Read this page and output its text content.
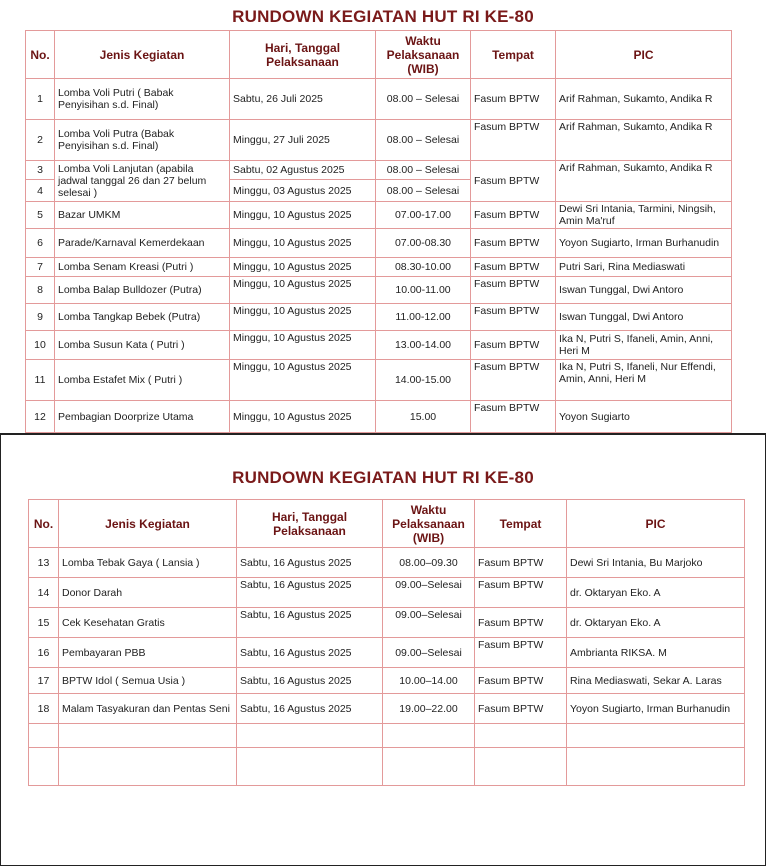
RUNDOWN KEGIATAN HUT RI KE-80
No.	Jenis Kegiatan	Hari, Tanggal Pelaksanaan	Waktu Pelaksanaan (WIB)	Tempat	PIC
1	Lomba Voli Putri ( Babak Penyisihan s.d. Final)	Sabtu, 26 Juli 2025	08.00 – Selesai	Fasum BPTW	Arif Rahman, Sukamto, Andika R
2	Lomba Voli Putra (Babak Penyisihan s.d. Final)	Minggu, 27 Juli 2025	08.00 – Selesai	Fasum BPTW	Arif Rahman, Sukamto, Andika R
3	Lomba Voli Lanjutan (apabila jadwal tanggal 26 dan 27 belum selesai )	Sabtu, 02 Agustus 2025	08.00 – Selesai	Fasum BPTW	Arif Rahman, Sukamto, Andika R
4		Minggu, 03 Agustus 2025	08.00 – Selesai		
5	Bazar UMKM	Minggu, 10 Agustus 2025	07.00-17.00	Fasum BPTW	Dewi Sri Intania, Tarmini, Ningsih, Amin Ma'ruf
6	Parade/Karnaval Kemerdekaan	Minggu, 10 Agustus 2025	07.00-08.30	Fasum BPTW	Yoyon Sugiarto, Irman Burhanudin
7	Lomba Senam Kreasi (Putri )	Minggu, 10 Agustus 2025	08.30-10.00	Fasum BPTW	Putri Sari, Rina Mediaswati
8	Lomba Balap Bulldozer (Putra)	Minggu, 10 Agustus 2025	10.00-11.00	Fasum BPTW	Iswan Tunggal, Dwi Antoro
9	Lomba Tangkap Bebek (Putra)	Minggu, 10 Agustus 2025	11.00-12.00	Fasum BPTW	Iswan Tunggal, Dwi Antoro
10	Lomba Susun Kata ( Putri )	Minggu, 10 Agustus 2025	13.00-14.00	Fasum BPTW	Ika N, Putri S, Ifaneli, Amin, Anni, Heri M
11	Lomba Estafet Mix ( Putri )	Minggu, 10 Agustus 2025	14.00-15.00	Fasum BPTW	Ika N, Putri S, Ifaneli, Nur Effendi, Amin, Anni, Heri M
12	Pembagian Doorprize Utama	Minggu, 10 Agustus 2025	15.00	Fasum BPTW	Yoyon Sugiarto
RUNDOWN KEGIATAN HUT RI KE-80
No.	Jenis Kegiatan	Hari, Tanggal Pelaksanaan	Waktu Pelaksanaan (WIB)	Tempat	PIC
13	Lomba Tebak Gaya ( Lansia )	Sabtu, 16 Agustus 2025	08.00–09.30	Fasum BPTW	Dewi Sri Intania, Bu Marjoko
14	Donor Darah	Sabtu, 16 Agustus 2025	09.00–Selesai	Fasum BPTW	dr. Oktaryan Eko. A
15	Cek Kesehatan Gratis	Sabtu, 16 Agustus 2025	09.00–Selesai	Fasum BPTW	dr. Oktaryan Eko. A
16	Pembayaran PBB	Sabtu, 16 Agustus 2025	09.00–Selesai	Fasum BPTW	Ambrianta RIKSA. M
17	BPTW Idol ( Semua Usia )	Sabtu, 16 Agustus 2025	10.00–14.00	Fasum BPTW	Rina Mediaswati, Sekar A. Laras
18	Malam Tasyakuran dan Pentas Seni	Sabtu, 16 Agustus 2025	19.00–22.00	Fasum BPTW	Yoyon Sugiarto, Irman Burhanudin
